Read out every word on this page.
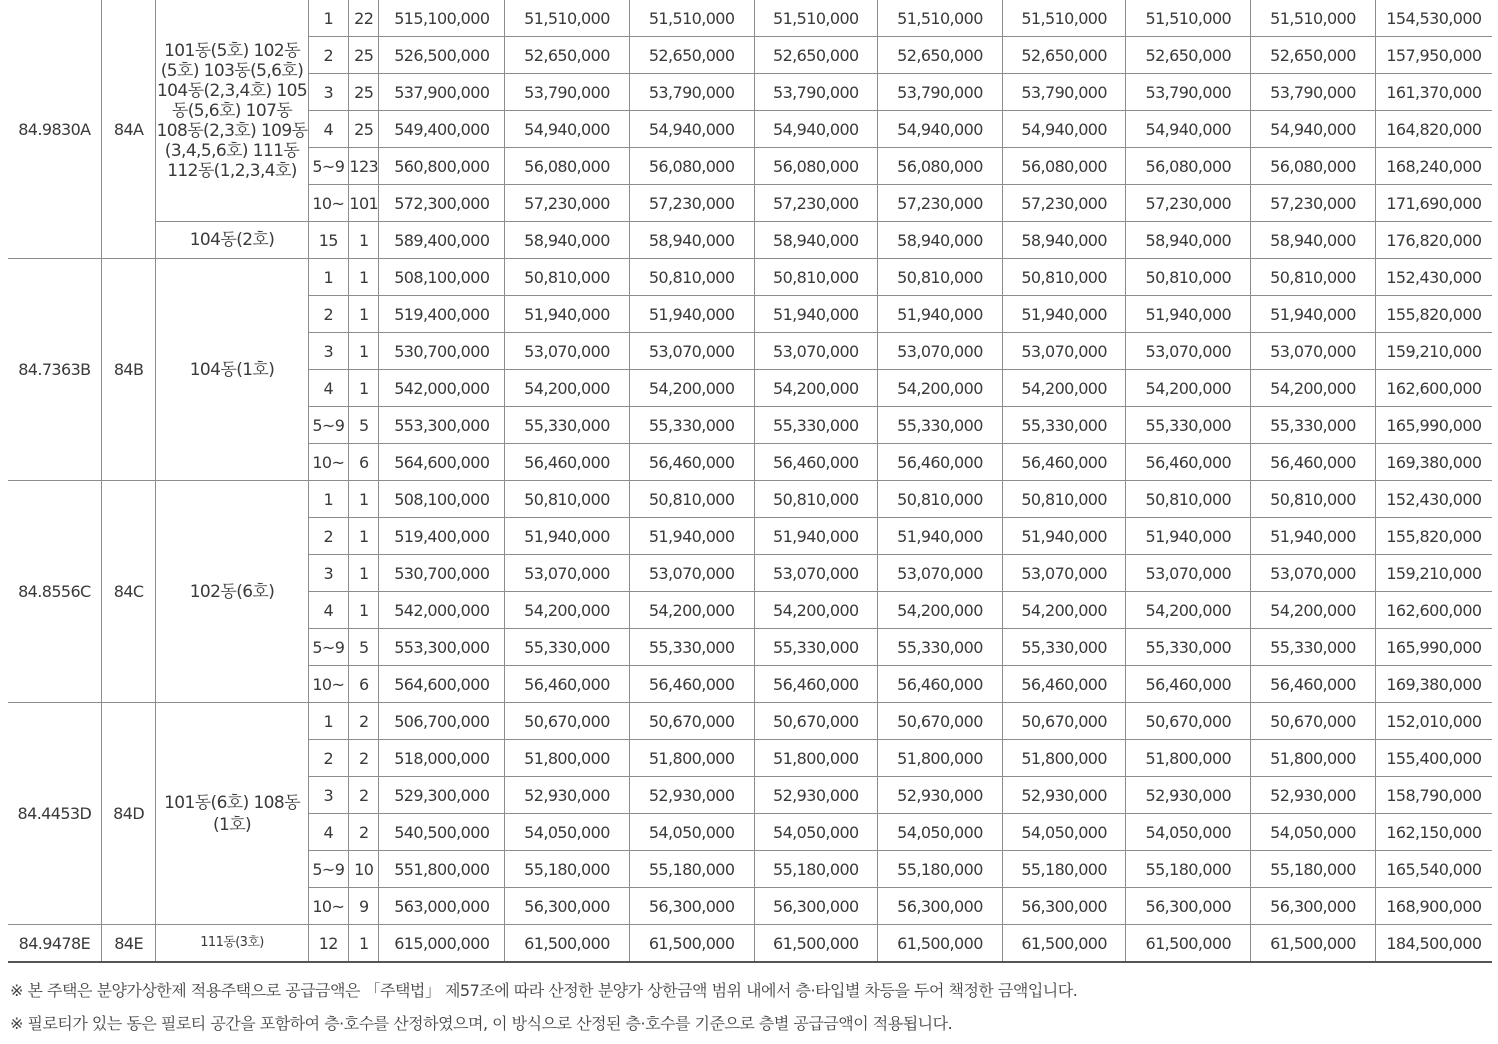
84.9830A	84A	101동(5호) 102동(5호) 103동(5,6호) 104동(2,3,4호) 105동(5,6호) 107동 108동(2,3호) 109동(3,4,5,6호) 111동 112동(1,2,3,4호)	1	22	515,100,000	51,510,000	51,510,000	51,510,000	51,510,000	51,510,000	51,510,000	51,510,000	154,530,000
			2	25	526,500,000	52,650,000	52,650,000	52,650,000	52,650,000	52,650,000	52,650,000	52,650,000	157,950,000
			3	25	537,900,000	53,790,000	53,790,000	53,790,000	53,790,000	53,790,000	53,790,000	53,790,000	161,370,000
			4	25	549,400,000	54,940,000	54,940,000	54,940,000	54,940,000	54,940,000	54,940,000	54,940,000	164,820,000
			5~9	123	560,800,000	56,080,000	56,080,000	56,080,000	56,080,000	56,080,000	56,080,000	56,080,000	168,240,000
			10~	101	572,300,000	57,230,000	57,230,000	57,230,000	57,230,000	57,230,000	57,230,000	57,230,000	171,690,000
		104동(2호)	15	1	589,400,000	58,940,000	58,940,000	58,940,000	58,940,000	58,940,000	58,940,000	58,940,000	176,820,000
84.7363B	84B	104동(1호)	1	1	508,100,000	50,810,000	50,810,000	50,810,000	50,810,000	50,810,000	50,810,000	50,810,000	152,430,000
			2	1	519,400,000	51,940,000	51,940,000	51,940,000	51,940,000	51,940,000	51,940,000	51,940,000	155,820,000
			3	1	530,700,000	53,070,000	53,070,000	53,070,000	53,070,000	53,070,000	53,070,000	53,070,000	159,210,000
			4	1	542,000,000	54,200,000	54,200,000	54,200,000	54,200,000	54,200,000	54,200,000	54,200,000	162,600,000
			5~9	5	553,300,000	55,330,000	55,330,000	55,330,000	55,330,000	55,330,000	55,330,000	55,330,000	165,990,000
			10~	6	564,600,000	56,460,000	56,460,000	56,460,000	56,460,000	56,460,000	56,460,000	56,460,000	169,380,000
84.8556C	84C	102동(6호)	1	1	508,100,000	50,810,000	50,810,000	50,810,000	50,810,000	50,810,000	50,810,000	50,810,000	152,430,000
			2	1	519,400,000	51,940,000	51,940,000	51,940,000	51,940,000	51,940,000	51,940,000	51,940,000	155,820,000
			3	1	530,700,000	53,070,000	53,070,000	53,070,000	53,070,000	53,070,000	53,070,000	53,070,000	159,210,000
			4	1	542,000,000	54,200,000	54,200,000	54,200,000	54,200,000	54,200,000	54,200,000	54,200,000	162,600,000
			5~9	5	553,300,000	55,330,000	55,330,000	55,330,000	55,330,000	55,330,000	55,330,000	55,330,000	165,990,000
			10~	6	564,600,000	56,460,000	56,460,000	56,460,000	56,460,000	56,460,000	56,460,000	56,460,000	169,380,000
84.4453D	84D	101동(6호) 108동(1호)	1	2	506,700,000	50,670,000	50,670,000	50,670,000	50,670,000	50,670,000	50,670,000	50,670,000	152,010,000
			2	2	518,000,000	51,800,000	51,800,000	51,800,000	51,800,000	51,800,000	51,800,000	51,800,000	155,400,000
			3	2	529,300,000	52,930,000	52,930,000	52,930,000	52,930,000	52,930,000	52,930,000	52,930,000	158,790,000
			4	2	540,500,000	54,050,000	54,050,000	54,050,000	54,050,000	54,050,000	54,050,000	54,050,000	162,150,000
			5~9	10	551,800,000	55,180,000	55,180,000	55,180,000	55,180,000	55,180,000	55,180,000	55,180,000	165,540,000
			10~	9	563,000,000	56,300,000	56,300,000	56,300,000	56,300,000	56,300,000	56,300,000	56,300,000	168,900,000
84.9478E	84E	111동(3호)	12	1	615,000,000	61,500,000	61,500,000	61,500,000	61,500,000	61,500,000	61,500,000	61,500,000	184,500,000
※ 본 주택은 분양가상한제 적용주택으로 공급금액은 「주택법」 제57조에 따라 산정한 분양가 상한금액 범위 내에서 층·타입별 차등을 두어 책정한 금액입니다.
※ 필로티가 있는 동은 필로티 공간을 포함하여 층·호수를 산정하였으며, 이 방식으로 산정된 층·호수를 기준으로 층별 공급금액이 적용됩니다.
